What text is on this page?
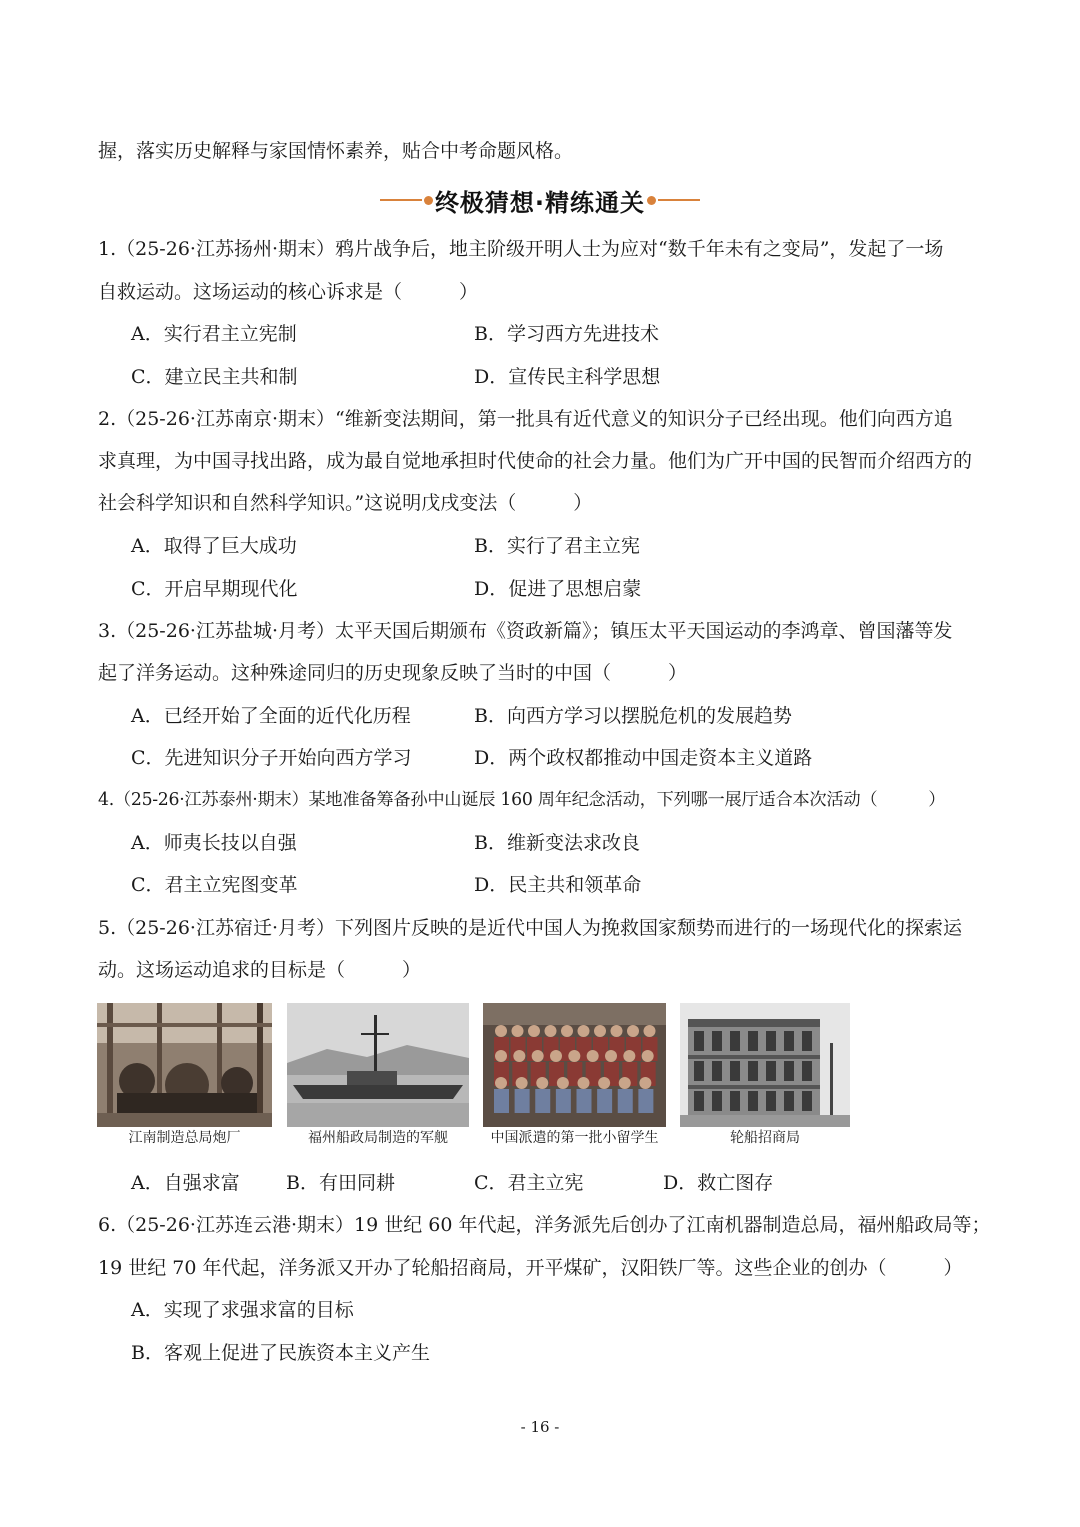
握，落实历史解释与家国情怀素养，贴合中考命题风格。
终极猜想·精练通关
1.（25-26·江苏扬州·期末）鸦片战争后，地主阶级开明人士为应对“数千年未有之变局”，发起了一场
自救运动。这场运动的核心诉求是（　　　）
A．实行君主立宪制	B．学习西方先进技术
C．建立民主共和制	D．宣传民主科学思想
2.（25-26·江苏南京·期末）“维新变法期间，第一批具有近代意义的知识分子已经出现。他们向西方追
求真理，为中国寻找出路，成为最自觉地承担时代使命的社会力量。他们为广开中国的民智而介绍西方的
社会科学知识和自然科学知识。”这说明戊戌变法（　　　）
A．取得了巨大成功	B．实行了君主立宪
C．开启早期现代化	D．促进了思想启蒙
3.（25-26·江苏盐城·月考）太平天国后期颁布《资政新篇》；镇压太平天国运动的李鸿章、曾国藩等发
起了洋务运动。这种殊途同归的历史现象反映了当时的中国（　　　）
A．已经开始了全面的近代化历程	B．向西方学习以摆脱危机的发展趋势
C．先进知识分子开始向西方学习	D．两个政权都推动中国走资本主义道路
4.（25-26·江苏泰州·期末）某地准备筹备孙中山诞辰 160 周年纪念活动，下列哪一展厅适合本次活动（　　　）
A．师夷长技以自强	B．维新变法求改良
C．君主立宪图变革	D．民主共和领革命
5.（25-26·江苏宿迁·月考）下列图片反映的是近代中国人为挽救国家颓势而进行的一场现代化的探索运
动。这场运动追求的目标是（　　　）
江南制造总局炮厂	福州船政局制造的军舰	中国派遣的第一批小留学生	轮船招商局
A．自强求富 B．有田同耕	C．君主立宪	D．救亡图存
6.（25-26·江苏连云港·期末）19 世纪 60 年代起，洋务派先后创办了江南机器制造总局，福州船政局等；
19 世纪 70 年代起，洋务派又开办了轮船招商局，开平煤矿，汉阳铁厂等。这些企业的创办（　　　）
A．实现了求强求富的目标
B．客观上促进了民族资本主义产生
- 16 -
